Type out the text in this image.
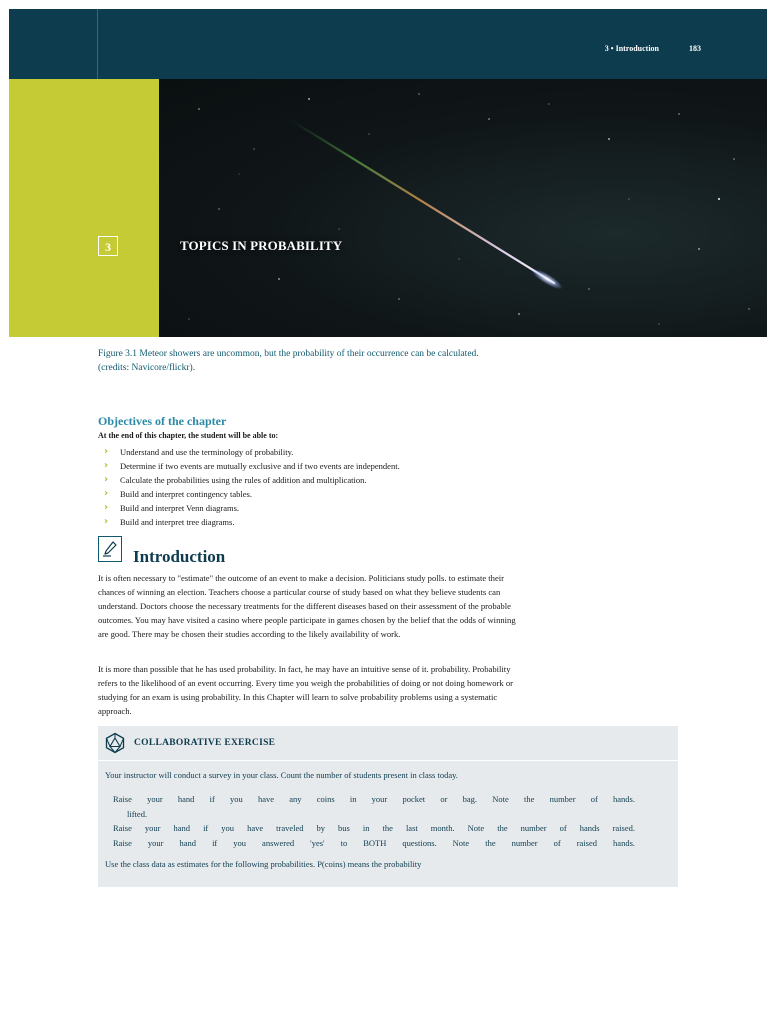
3 • Introduction	183
3	TOPICS IN PROBABILITY
Figure 3.1 Meteor showers are uncommon, but the probability of their occurrence can be calculated.
(credits: Navicore/flickr).
Objectives of the chapter
At the end of this chapter, the student will be able to:
› Understand and use the terminology of probability.
› Determine if two events are mutually exclusive and if two events are independent.
› Calculate the probabilities using the rules of addition and multiplication.
› Build and interpret contingency tables.
› Build and interpret Venn diagrams.
› Build and interpret tree diagrams.
Introduction

It is often necessary to "estimate" the outcome of an event to make a decision. Politicians study polls. to estimate their chances of winning an election. Teachers choose a particular course of study based on what they believe students can understand. Doctors choose the necessary treatments for the different diseases based on their assessment of the probable outcomes. You may have visited a casino where people participate in games chosen by the belief that the odds of winning are good. There may be chosen their studies according to the likely availability of work.

It is more than possible that he has used probability. In fact, he may have an intuitive sense of it. probability. Probability refers to the likelihood of an event occurring. Every time you weigh the probabilities of doing or not doing homework or studying for an exam is using probability. In this Chapter will learn to solve probability problems using a systematic approach.

COLLABORATIVE EXERCISE
Your instructor will conduct a survey in your class. Count the number of students present in class today.
Raise your hand if you have any coins in your pocket or bag. Note the number of hands.
lifted.
Raise your hand if you have traveled by bus in the last month. Note the number of hands raised.
Raise your hand if you answered 'yes' to BOTH questions. Note the number of raised hands.
Use the class data as estimates for the following probabilities. P(coins) means the probability
